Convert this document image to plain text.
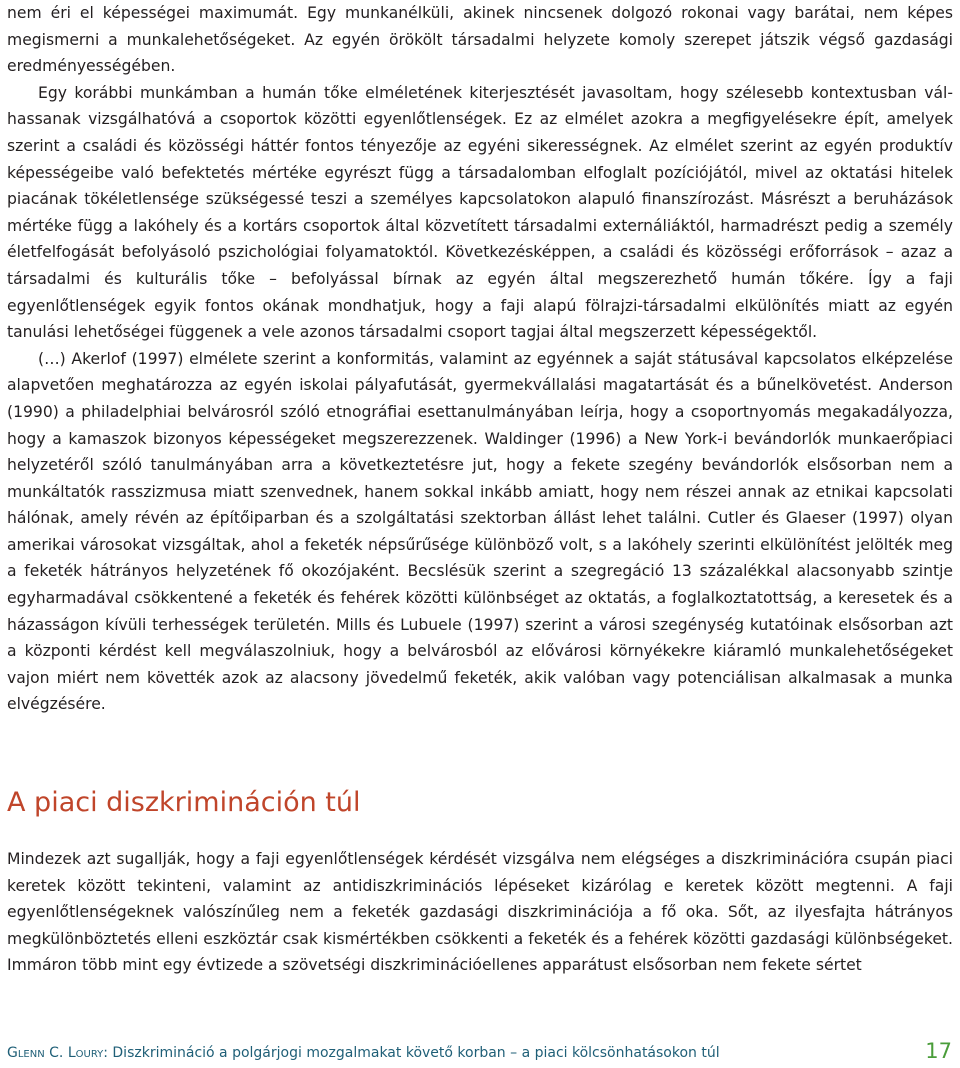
nem éri el képességei maximumát. Egy munkanélküli, akinek nincsenek dolgozó rokonai vagy barátai, nem képes megismerni a munkalehetőségeket. Az egyén örökölt társadalmi helyzete komoly szerepet játszik végső gazdasági eredményességében.

Egy korábbi munkámban a humán tőke elméletének kiterjesztését javasoltam, hogy szélesebb kontextusban válhassanak vizsgálhatóvá a csoportok közötti egyenlőtlenségek. Ez az elmélet azokra a megfigyelésekre épít, amelyek szerint a családi és közösségi háttér fontos tényezője az egyéni sikerességnek. Az elmélet szerint az egyén produktív képességeibe való befektetés mértéke egyrészt függ a társadalomban elfoglalt pozíciójától, mivel az oktatási hitelek piacának tökéletlensége szükségessé teszi a személyes kapcsolatokon alapuló finanszírozást. Másrészt a beruházások mértéke függ a lakóhely és a kortárs csoportok által közvetített társadalmi externáliáktól, harmadrészt pedig a személy életfelfogását befolyásoló pszichológiai folyamatoktól. Következésképpen, a családi és közösségi erőforrások – azaz a társadalmi és kulturális tőke – befolyással bírnak az egyén által megszerezhető humán tőkére. Így a faji egyenlőtlenségek egyik fontos okának mondhatjuk, hogy a faji alapú fölrajzi-társadalmi elkülönítés miatt az egyén tanulási lehetőségei függenek a vele azonos társadalmi csoport tagjai által megszerzett képességektől.

(…) Akerlof (1997) elmélete szerint a konformitás, valamint az egyénnek a saját státusával kapcsolatos elképzelése alapvetően meghatározza az egyén iskolai pályafutását, gyermekvállalási magatartását és a bűnelkövetést. Anderson (1990) a philadelphiai belvárosról szóló etnográfiai esettanulmányában leírja, hogy a csoportnyomás megakadályozza, hogy a kamaszok bizonyos képességeket megszerezzenek. Waldinger (1996) a New York-i bevándorlók munkaerőpiaci helyzetéről szóló tanulmányában arra a következtetésre jut, hogy a fekete szegény bevándorlók elsősorban nem a munkáltatók rasszizmusa miatt szenvednek, hanem sokkal inkább amiatt, hogy nem részei annak az etnikai kapcsolati hálónak, amely révén az építőiparban és a szolgáltatási szektorban állást lehet találni. Cutler és Glaeser (1997) olyan amerikai városokat vizsgáltak, ahol a feketék népsűrűsége különböző volt, s a lakóhely szerinti elkülönítést jelölték meg a feketék hátrányos helyzetének fő okozójaként. Becslésük szerint a szegregáció 13 százalékkal alacsonyabb szintje egyharmadával csökkentené a feketék és fehérek közötti különbséget az oktatás, a foglalkoztatottság, a keresetek és a házasságon kívüli terhességek területén. Mills és Lubuele (1997) szerint a városi szegénység kutatóinak elsősorban azt a központi kérdést kell megválaszolniuk, hogy a belvárosból az elővárosi környékekre kiáramló munkalehetőségeket vajon miért nem követték azok az alacsony jövedelmű feketék, akik valóban vagy potenciálisan alkalmasak a munka elvégzésére.

A piaci diszkrimináción túl

Mindezek azt sugallják, hogy a faji egyenlőtlenségek kérdését vizsgálva nem elégséges a diszkriminációra csupán piaci keretek között tekinteni, valamint az antidiszkriminációs lépéseket kizárólag e keretek között megtenni. A faji egyenlőtlenségeknek valószínűleg nem a feketék gazdasági diszkriminációja a fő oka. Sőt, az ilyesfajta hátrányos megkülönböztetés elleni eszköztár csak kismértékben csökkenti a feketék és a fehérek közötti gazdasági különbségeket. Immáron több mint egy évtizede a szövetségi diszkriminációellenes apparátust elsősorban nem fekete sértet

Glenn C. Loury: Diszkrimináció a polgárjogi mozgalmakat követő korban – a piaci kölcsönhatásokon túl	17
